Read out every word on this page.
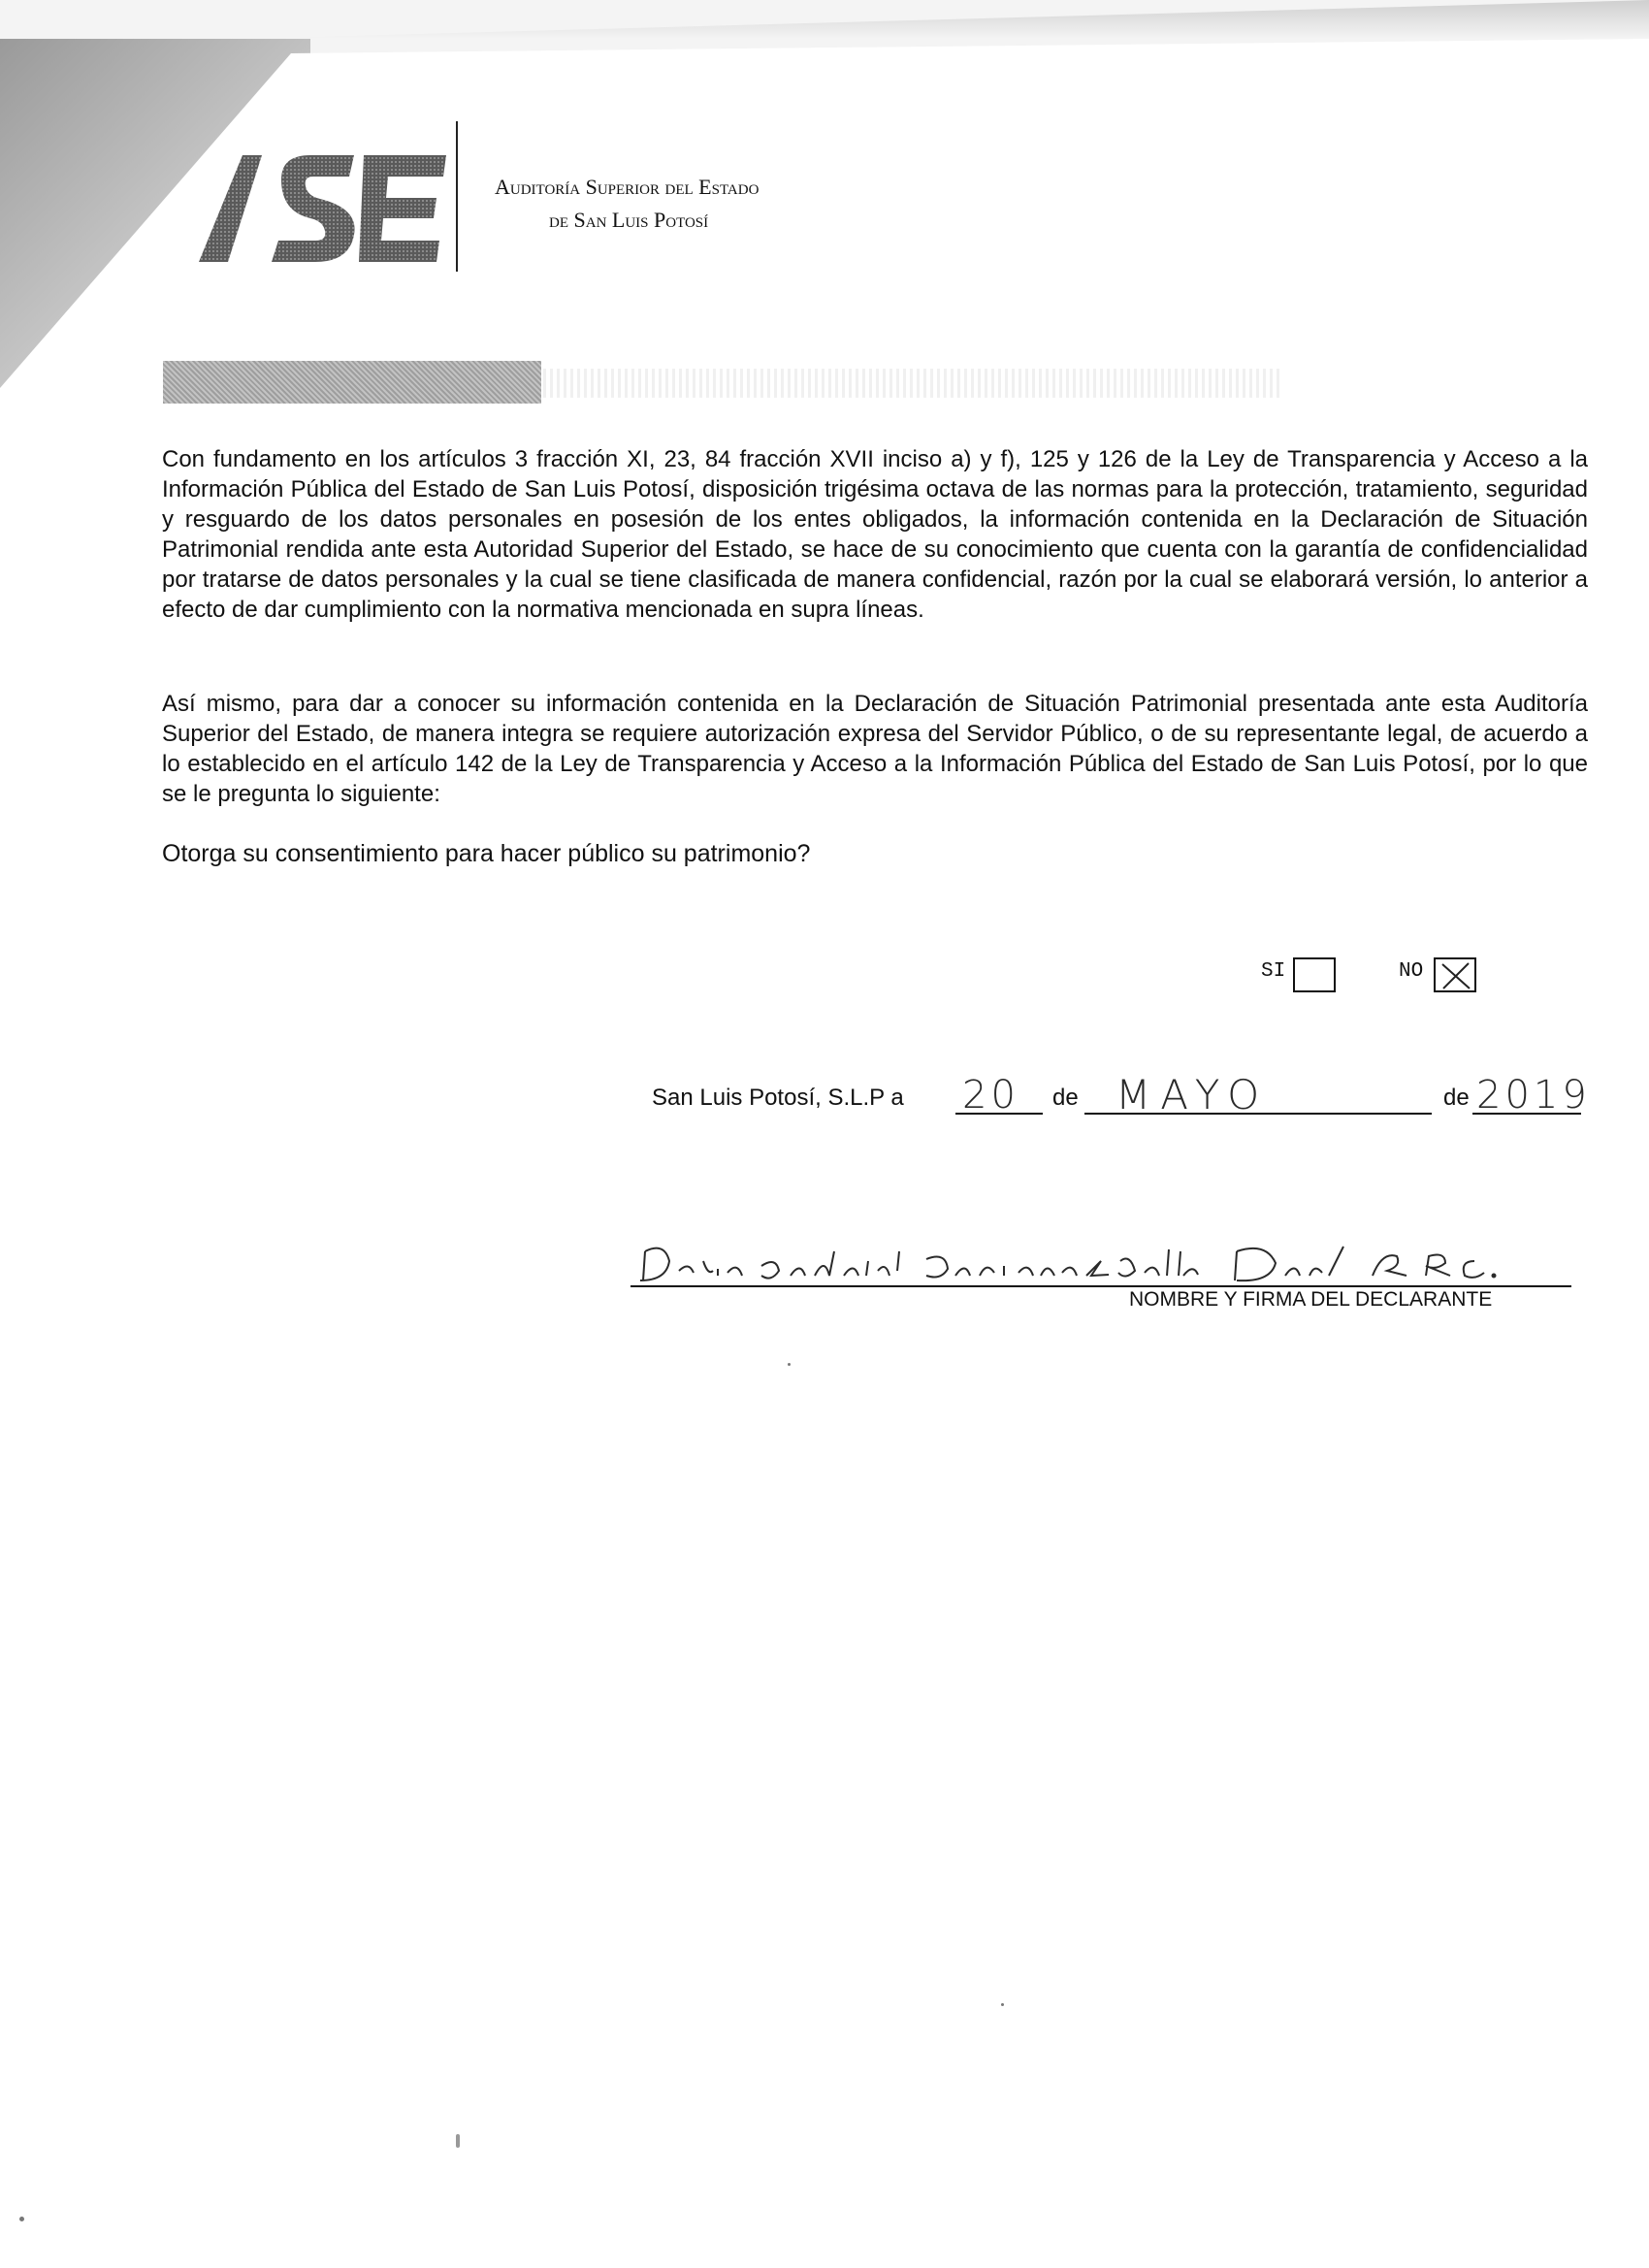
Auditoría Superior del Estado
de San Luis Potosí

Con fundamento en los artículos 3 fracción XI, 23, 84 fracción XVII inciso a) y f), 125 y 126 de la Ley de Transparencia y Acceso a la Información Pública del Estado de San Luis Potosí, disposición trigésima octava de las normas para la protección, tratamiento, seguridad y resguardo de los datos personales en posesión de los entes obligados, la información contenida en la Declaración de Situación Patrimonial rendida ante esta Autoridad Superior del Estado, se hace de su conocimiento que cuenta con la garantía de confidencialidad por tratarse de datos personales y la cual se tiene clasificada de manera confidencial, razón por la cual se elaborará versión, lo anterior a efecto de dar cumplimiento con la normativa mencionada en supra líneas.

Así mismo, para dar a conocer su información contenida en la Declaración de Situación Patrimonial presentada ante esta Auditoría Superior del Estado, de manera integra se requiere autorización expresa del Servidor Público, o de su representante legal, de acuerdo a lo establecido en el artículo 142 de la Ley de Transparencia y Acceso a la Información Pública del Estado de San Luis Potosí, por lo que se le pregunta lo siguiente:

Otorga su consentimiento para hacer público su patrimonio?
SI	NO
San Luis Potosí, S.L.P a 20 de MAYO	de 2019
NOMBRE Y FIRMA DEL DECLARANTE
